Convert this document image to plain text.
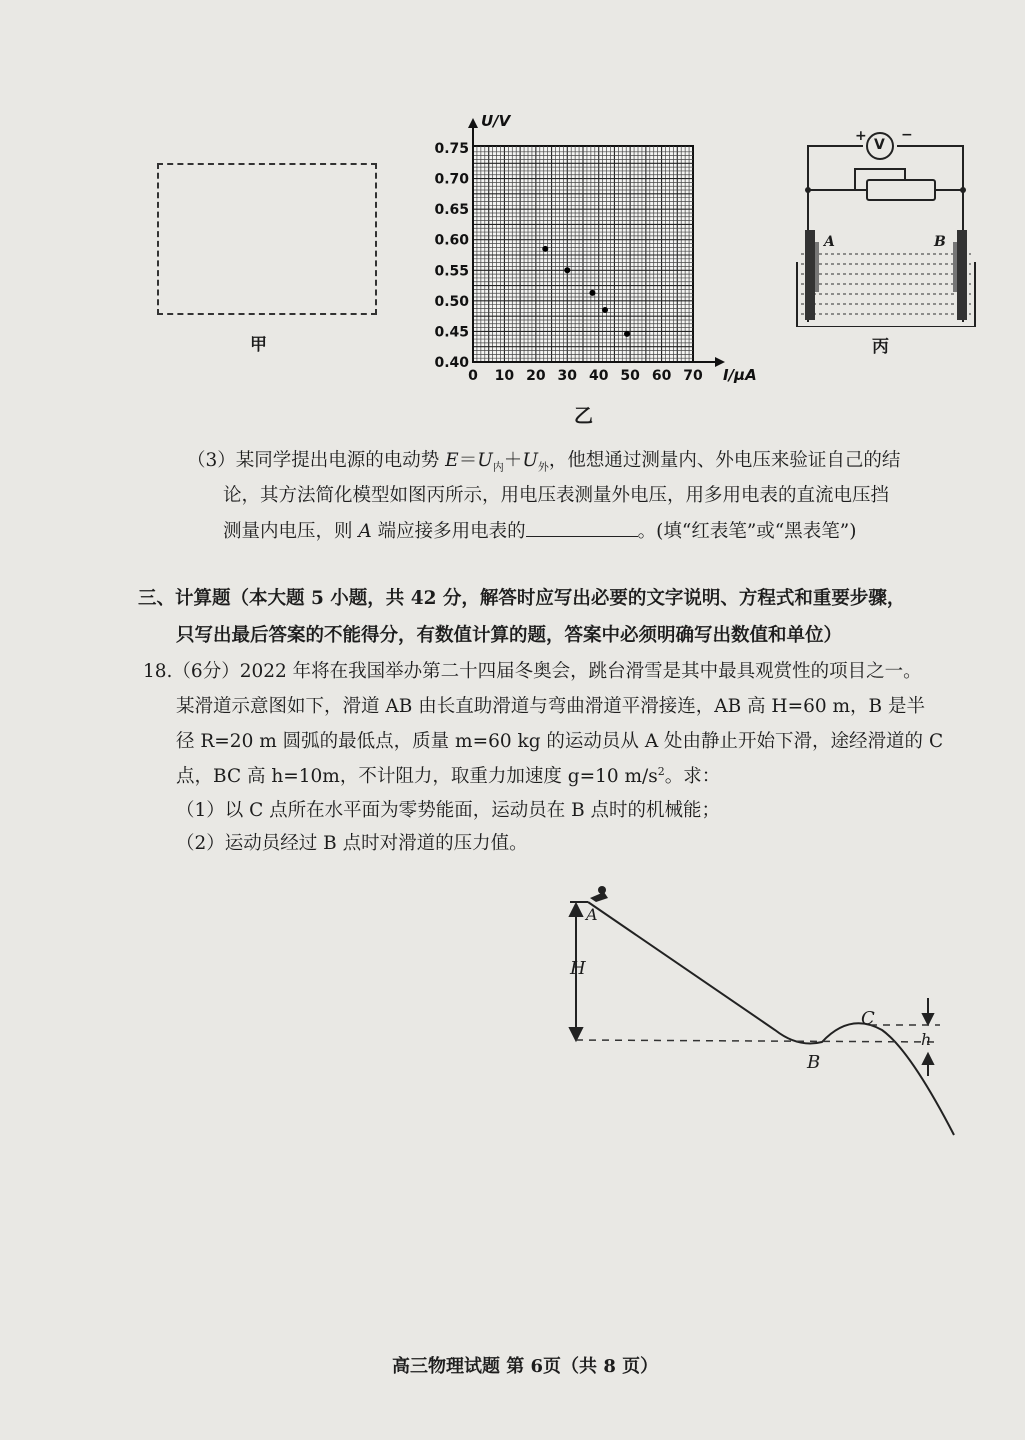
甲
0 10 20 30 40 50 60 70
0.75
0.70
0.65
0.60
0.55
0.50
0.45
0.40
I/μA
U/V
乙
V
+ −
A	B
丙
（3）某同学提出电源的电动势 $E=U_内+U_外$，他想通过测量内、外电压来验证自己的结
论，其方法简化模型如图丙所示，用电压表测量外电压，用多用电表的直流电压挡
测量内电压，则 A 端应接多用电表的	。(填“红表笔”或“黑表笔”)
三、计算题（本大题 5 小题，共 42 分，解答时应写出必要的文字说明、方程式和重要步骤，
只写出最后答案的不能得分，有数值计算的题，答案中必须明确写出数值和单位）
18.（6分）2022 年将在我国举办第二十四届冬奥会，跳台滑雪是其中最具观赏性的项目之一。
某滑道示意图如下，滑道 AB 由长直助滑道与弯曲滑道平滑接连，AB 高 H=60 m，B 是半
径 R=20 m 圆弧的最低点，质量 m=60 kg 的运动员从 A 处由静止开始下滑，途经滑道的 C
点，BC 高 h=10m，不计阻力，取重力加速度 g=10 $m/s^2$。求：
（1）以 C 点所在水平面为零势能面，运动员在 B 点时的机械能；
（2）运动员经过 B 点时对滑道的压力值。
A
H
B
C
h
高三物理试题 第 6页（共 8 页）
